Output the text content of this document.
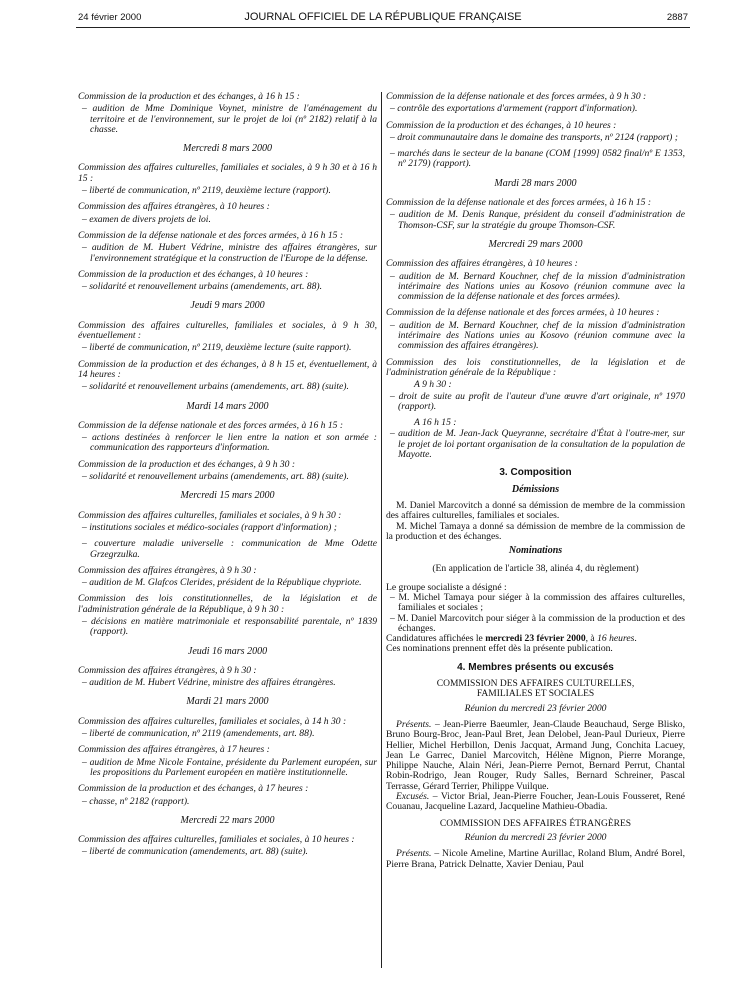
24 février 2000	JOURNAL OFFICIEL DE LA RÉPUBLIQUE FRANÇAISE	2887

Commission de la production et des échanges, à 16 h 15 :

– audition de Mme Dominique Voynet, ministre de l'aménagement du territoire et de l'environnement, sur le projet de loi (nº 2182) relatif à la chasse.

Mercredi 8 mars 2000

Commission des affaires culturelles, familiales et sociales, à 9 h 30 et à 16 h 15 :

– liberté de communication, nº 2119, deuxième lecture (rapport).

Commission des affaires étrangères, à 10 heures :

– examen de divers projets de loi.

Commission de la défense nationale et des forces armées, à 16 h 15 :

– audition de M. Hubert Védrine, ministre des affaires étrangères, sur l'environnement stratégique et la construction de l'Europe de la défense.

Commission de la production et des échanges, à 10 heures :

– solidarité et renouvellement urbains (amendements, art. 88).

Jeudi 9 mars 2000

Commission des affaires culturelles, familiales et sociales, à 9 h 30, éventuellement :

– liberté de communication, nº 2119, deuxième lecture (suite rapport).

Commission de la production et des échanges, à 8 h 15 et, éventuellement, à 14 heures :

– solidarité et renouvellement urbains (amendements, art. 88) (suite).

Mardi 14 mars 2000

Commission de la défense nationale et des forces armées, à 16 h 15 :

– actions destinées à renforcer le lien entre la nation et son armée : communication des rapporteurs d'information.

Commission de la production et des échanges, à 9 h 30 :

– solidarité et renouvellement urbains (amendements, art. 88) (suite).

Mercredi 15 mars 2000

Commission des affaires culturelles, familiales et sociales, à 9 h 30 :

– institutions sociales et médico-sociales (rapport d'information) ;

– couverture maladie universelle : communication de Mme Odette Grzegrzulka.

Commission des affaires étrangères, à 9 h 30 :

– audition de M. Glafcos Clerides, président de la République chypriote.

Commission des lois constitutionnelles, de la législation et de l'administration générale de la République, à 9 h 30 :

– décisions en matière matrimoniale et responsabilité parentale, nº 1839 (rapport).

Jeudi 16 mars 2000

Commission des affaires étrangères, à 9 h 30 :

– audition de M. Hubert Védrine, ministre des affaires étrangères.

Mardi 21 mars 2000

Commission des affaires culturelles, familiales et sociales, à 14 h 30 :

– liberté de communication, nº 2119 (amendements, art. 88).

Commission des affaires étrangères, à 17 heures :

– audition de Mme Nicole Fontaine, présidente du Parlement européen, sur les propositions du Parlement européen en matière institutionnelle.

Commission de la production et des échanges, à 17 heures :

– chasse, nº 2182 (rapport).

Mercredi 22 mars 2000

Commission des affaires culturelles, familiales et sociales, à 10 heures :

– liberté de communication (amendements, art. 88) (suite).

Commission de la défense nationale et des forces armées, à 9 h 30 :

– contrôle des exportations d'armement (rapport d'information).

Commission de la production et des échanges, à 10 heures :

– droit communautaire dans le domaine des transports, nº 2124 (rapport) ;

– marchés dans le secteur de la banane (COM [1999] 0582 final/nº E 1353, nº 2179) (rapport).

Mardi 28 mars 2000

Commission de la défense nationale et des forces armées, à 16 h 15 :

– audition de M. Denis Ranque, président du conseil d'administration de Thomson-CSF, sur la stratégie du groupe Thomson-CSF.

Mercredi 29 mars 2000

Commission des affaires étrangères, à 10 heures :

– audition de M. Bernard Kouchner, chef de la mission d'administration intérimaire des Nations unies au Kosovo (réunion commune avec la commission de la défense nationale et des forces armées).

Commission de la défense nationale et des forces armées, à 10 heures :

– audition de M. Bernard Kouchner, chef de la mission d'administration intérimaire des Nations unies au Kosovo (réunion commune avec la commission des affaires étrangères).

Commission des lois constitutionnelles, de la législation et de l'administration générale de la République :

A 9 h 30 :

– droit de suite au profit de l'auteur d'une œuvre d'art originale, nº 1970 (rapport).

A 16 h 15 :

– audition de M. Jean-Jack Queyranne, secrétaire d'État à l'outre-mer, sur le projet de loi portant organisation de la consultation de la population de Mayotte.

3. Composition

Démissions

M. Daniel Marcovitch a donné sa démission de membre de la commission des affaires culturelles, familiales et sociales.

M. Michel Tamaya a donné sa démission de membre de la commission de la production et des échanges.

Nominations

(En application de l'article 38, alinéa 4, du règlement)

Le groupe socialiste a désigné :

– M. Michel Tamaya pour siéger à la commission des affaires culturelles, familiales et sociales ;

– M. Daniel Marcovitch pour siéger à la commission de la production et des échanges.

Candidatures affichées le mercredi 23 février 2000, à 16 heures.

Ces nominations prennent effet dès la présente publication.

4. Membres présents ou excusés

COMMISSION DES AFFAIRES CULTURELLES,

FAMILIALES ET SOCIALES

Réunion du mercredi 23 février 2000

Présents. – Jean-Pierre Baeumler, Jean-Claude Beauchaud, Serge Blisko, Bruno Bourg-Broc, Jean-Paul Bret, Jean Delobel, Jean-Paul Durieux, Pierre Hellier, Michel Herbillon, Denis Jacquat, Armand Jung, Conchita Lacuey, Jean Le Garrec, Daniel Marcovitch, Hélène Mignon, Pierre Morange, Philippe Nauche, Alain Néri, Jean-Pierre Pernot, Bernard Perrut, Chantal Robin-Rodrigo, Jean Rouger, Rudy Salles, Bernard Schreiner, Pascal Terrasse, Gérard Terrier, Philippe Vuilque.

Excusés. – Victor Brial, Jean-Pierre Foucher, Jean-Louis Fousseret, René Couanau, Jacqueline Lazard, Jacqueline Mathieu-Obadia.

COMMISSION DES AFFAIRES ÉTRANGÈRES

Réunion du mercredi 23 février 2000

Présents. – Nicole Ameline, Martine Aurillac, Roland Blum, André Borel, Pierre Brana, Patrick Delnatte, Xavier Deniau, Paul
